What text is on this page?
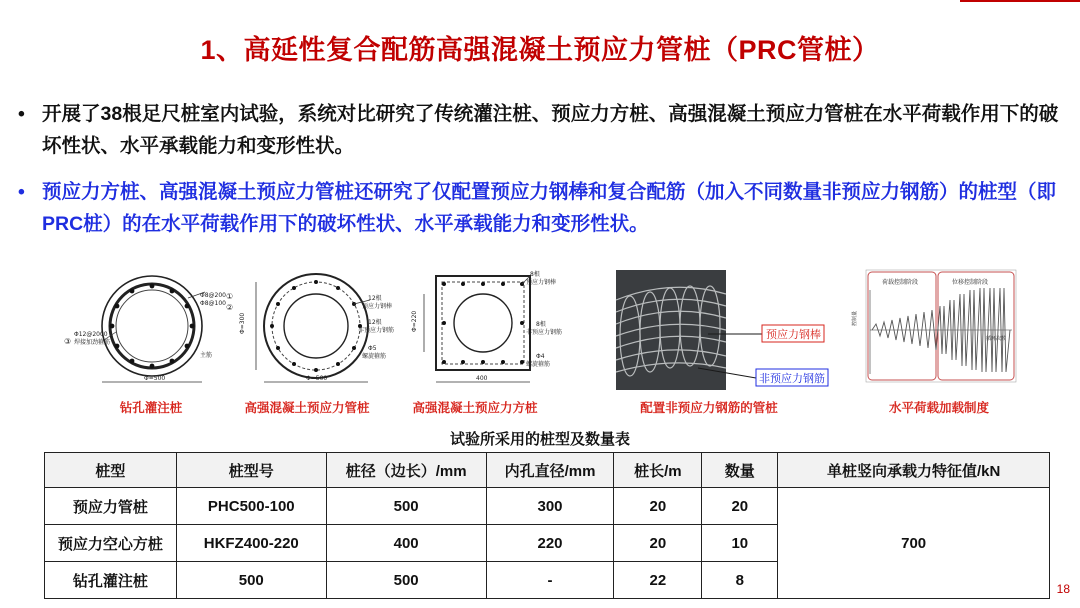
1、高延性复合配筋高强混凝土预应力管桩（PRC管桩）
• 开展了38根足尺桩室内试验，系统对比研究了传统灌注桩、预应力方桩、高强混凝土预应力管桩在水平荷载作用下的破坏性状、水平承载能力和变形性状。
• 预应力方桩、高强混凝土预应力管桩还研究了仅配置预应力钢棒和复合配筋（加入不同数量非预应力钢筋）的桩型（即PRC桩）的在水平荷载作用下的破坏性状、水平承载能力和变形性状。
Φ8@200
Φ8@100
①
②
Φ12@2000
焊接加劲箍筋
③
主筋
Φ=500
钻孔灌注桩
Φ=300
Φ=500
12根
预应力钢棒
12根
非预应力钢筋
Φ5
螺旋箍筋
高强混凝土预应力管桩
Φ=220
400
8根
预应力钢棒
8根
非预应力钢筋
Φ4
螺旋箍筋
高强混凝土预应力方桩
预应力钢棒
非预应力钢筋
配置非预应力钢筋的管桩
荷载控制阶段	位移控制阶段
控制量
循环次数
水平荷载加载制度
试验所采用的桩型及数量表
桩型	桩型号	桩径（边长）/mm	内孔直径/mm	桩长/m	数量	单桩竖向承载力特征值/kN
预应力管桩	PHC500-100	500	300	20	20	700
预应力空心方桩	HKFZ400-220	400	220	20	10	
钻孔灌注桩	500	500	-	22	8	
18
